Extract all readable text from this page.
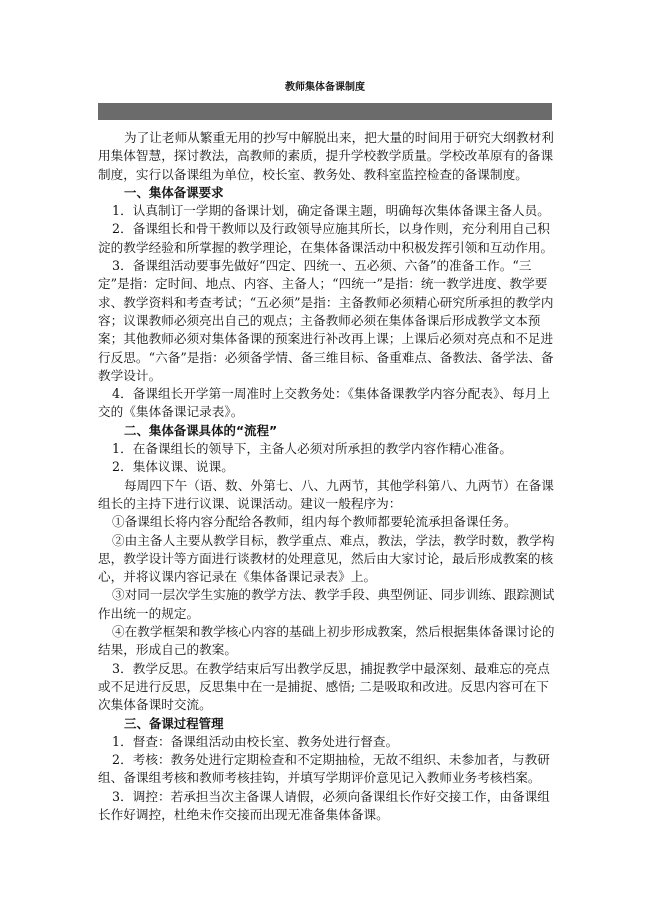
教师集体备课制度

为了让老师从繁重无用的抄写中解脱出来，把大量的时间用于研究大纲教材利用集体智慧，探讨教法，高教师的素质，提升学校教学质量。学校改革原有的备课制度，实行以备课组为单位，校长室、教务处、教科室监控检查的备课制度。

一、集体备课要求

1．认真制订一学期的备课计划，确定备课主题，明确每次集体备课主备人员。

2．备课组长和骨干教师以及行政领导应施其所长，以身作则，充分利用自己积淀的教学经验和所掌握的教学理论，在集体备课活动中积极发挥引领和互动作用。

3．备课组活动要事先做好“四定、四统一、五必须、六备”的准备工作。“三定”是指：定时间、地点、内容、主备人；“四统一”是指：统一教学进度、教学要求、教学资料和考查考试；“五必须”是指：主备教师必须精心研究所承担的教学内容；议课教师必须亮出自己的观点；主备教师必须在集体备课后形成教学文本预案；其他教师必须对集体备课的预案进行补改再上课；上课后必须对亮点和不足进行反思。“六备”是指：必须备学情、备三维目标、备重难点、备教法、备学法、备教学设计。

4．备课组长开学第一周准时上交教务处：《集体备课教学内容分配表》、每月上交的《集体备课记录表》。

二、集体备课具体的“流程”

1．在备课组长的领导下，主备人必须对所承担的教学内容作精心准备。

2．集体议课、说课。

每周四下午（语、数、外第七、八、九两节，其他学科第八、九两节）在备课组长的主持下进行议课、说课活动。建议一般程序为：

①备课组长将内容分配给各教师，组内每个教师都要轮流承担备课任务。

②由主备人主要从教学目标，教学重点、难点，教法，学法，教学时数，教学构思，教学设计等方面进行谈教材的处理意见，然后由大家讨论，最后形成教案的核心，并将议课内容记录在《集体备课记录表》上。

③对同一层次学生实施的教学方法、教学手段、典型例证、同步训练、跟踪测试作出统一的规定。

④在教学框架和教学核心内容的基础上初步形成教案，然后根据集体备课讨论的结果，形成自己的教案。

3．教学反思。在教学结束后写出教学反思，捕捉教学中最深刻、最难忘的亮点或不足进行反思，反思集中在一是捕捉、感悟; 二是吸取和改进。反思内容可在下次集体备课时交流。

三、备课过程管理

1．督查：备课组活动由校长室、教务处进行督查。

2．考核：教务处进行定期检查和不定期抽检，无故不组织、未参加者，与教研组、备课组考核和教师考核挂钩，并填写学期评价意见记入教师业务考核档案。

3．调控：若承担当次主备课人请假，必须向备课组长作好交接工作，由备课组长作好调控，杜绝未作交接而出现无准备集体备课。
